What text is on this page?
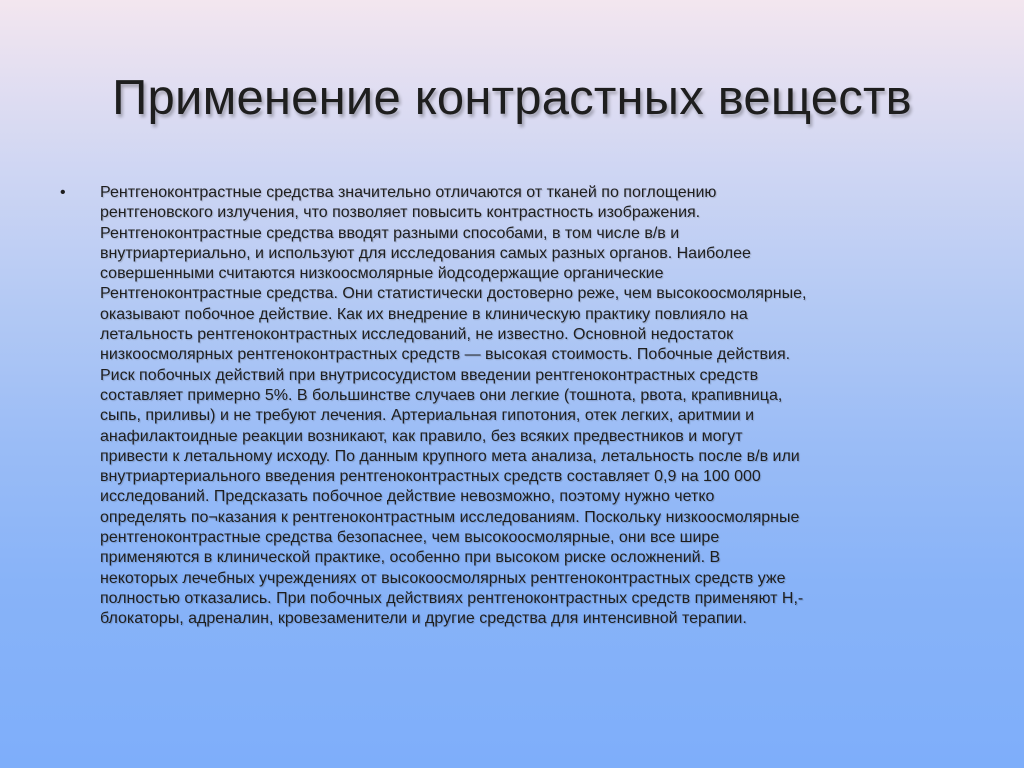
Применение контрастных веществ
• Рентгеноконтрастные средства значительно отличаются от тканей по поглощению
рентгеновского излучения, что позволяет повысить контрастность изображения.
Рентгеноконтрастные средства вводят разными способами, в том числе в/в и
внутриартериально, и используют для исследования самых разных органов. Наиболее
совершенными считаются низкоосмолярные йодсодержащие органические
Рентгеноконтрастные средства. Они статистически достоверно реже, чем высокоосмолярные,
оказывают побочное действие. Как их внедрение в клиническую практику повлияло на
летальность рентгеноконтрастных исследований, не известно. Основной недостаток
низкоосмолярных рентгеноконтрастных средств — высокая стоимость. Побочные действия.
Риск побочных действий при внутрисосудистом введении рентгеноконтрастных средств
составляет примерно 5%. В большинстве случаев они легкие (тошнота, рвота, крапивница,
сыпь, приливы) и не требуют лечения. Артериальная гипотония, отек легких, аритмии и
анафилактоидные реакции возникают, как правило, без всяких предвестников и могут
привести к летальному исходу. По данным крупного мета анализа, летальность после в/в или
внутриартериального введения рентгеноконтрастных средств составляет 0,9 на 100 000
исследований. Предсказать побочное действие невозможно, поэтому нужно четко
определять по¬казания к рентгеноконтрастным исследованиям. Поскольку низкоосмолярные
рентгеноконтрастные средства безопаснее, чем высокоосмолярные, они все шире
применяются в клинической практике, особенно при высоком риске осложнений. В
некоторых лечебных учреждениях от высокоосмолярных рентгеноконтрастных средств уже
полностью отказались. При побочных действиях рентгеноконтрастных средств применяют Н,-
блокаторы, адреналин, кровезаменители и другие средства для интенсивной терапии.
